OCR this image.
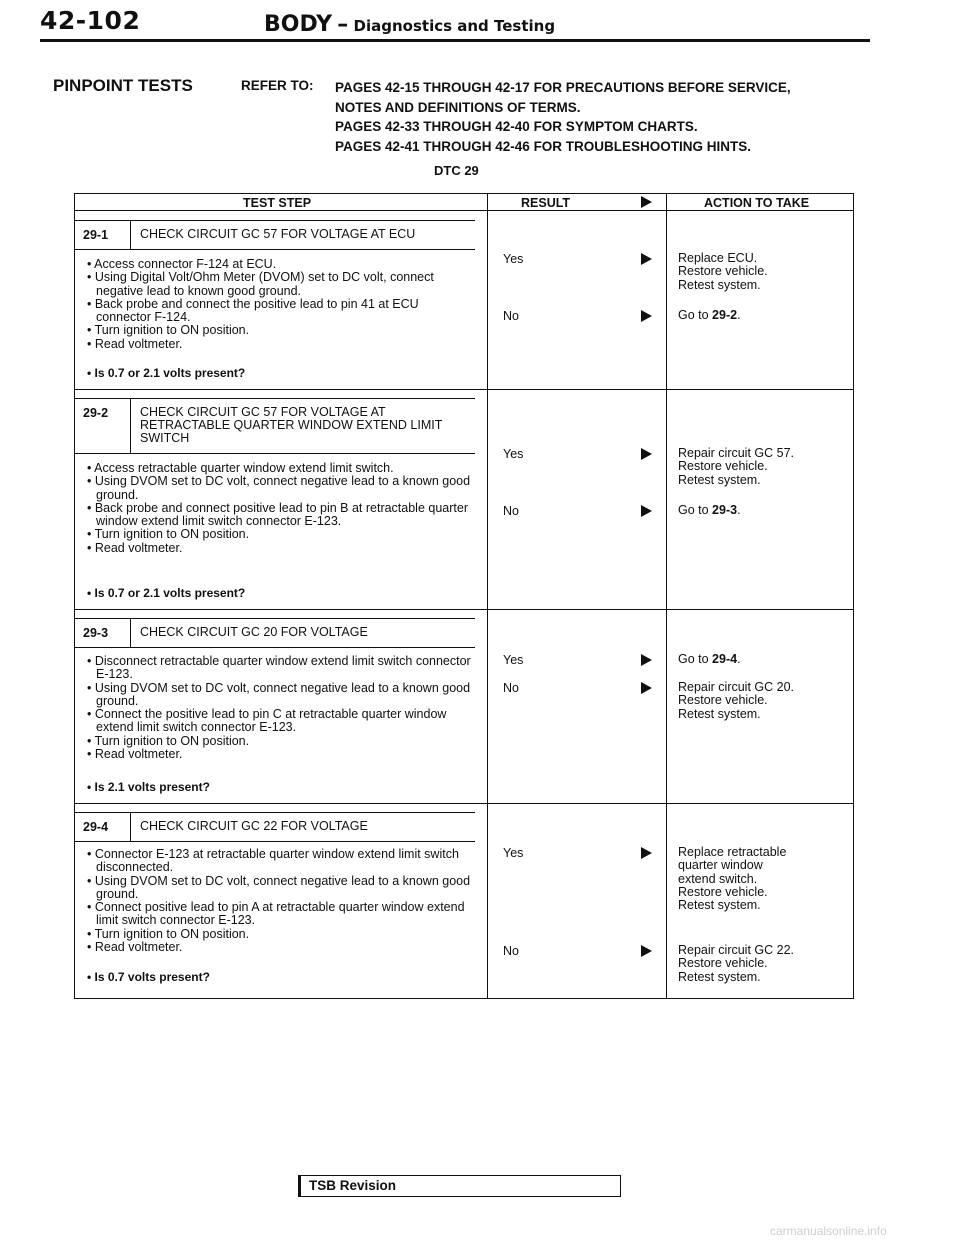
42-102	BODY – Diagnostics and Testing
PINPOINT TESTS	REFER TO: PAGES 42-15 THROUGH 42-17 FOR PRECAUTIONS BEFORE SERVICE,
NOTES AND DEFINITIONS OF TERMS.
PAGES 42-33 THROUGH 42-40 FOR SYMPTOM CHARTS.
PAGES 42-41 THROUGH 42-46 FOR TROUBLESHOOTING HINTS.
DTC 29
TEST STEP	RESULT	ACTION TO TAKE
29-1	CHECK CIRCUIT GC 57 FOR VOLTAGE AT ECU

• Access connector F-124 at ECU.

• Using Digital Volt/Ohm Meter (DVOM) set to DC volt, connect negative lead to known good ground.

• Back probe and connect the positive lead to pin 41 at ECU connector F-124.

• Turn ignition to ON position.

• Read voltmeter.

• Is 0.7 or 2.1 volts present?
Yes	Replace ECU.
Restore vehicle.
Retest system.
No	Go to 29-2.
29-2	CHECK CIRCUIT GC 57 FOR VOLTAGE AT RETRACTABLE QUARTER WINDOW EXTEND LIMIT SWITCH

• Access retractable quarter window extend limit switch.

• Using DVOM set to DC volt, connect negative lead to a known good ground.

• Back probe and connect positive lead to pin B at retractable quarter window extend limit switch connector E-123.

• Turn ignition to ON position.

• Read voltmeter.

• Is 0.7 or 2.1 volts present?
Yes	Repair circuit GC 57.
Restore vehicle.
Retest system.
No	Go to 29-3.
29-3	CHECK CIRCUIT GC 20 FOR VOLTAGE

• Disconnect retractable quarter window extend limit switch connector E-123.

• Using DVOM set to DC volt, connect negative lead to a known good ground.

• Connect the positive lead to pin C at retractable quarter window extend limit switch connector E-123.

• Turn ignition to ON position.

• Read voltmeter.

• Is 2.1 volts present?
Yes	Go to 29-4.
No	Repair circuit GC 20.
Restore vehicle.
Retest system.
29-4	CHECK CIRCUIT GC 22 FOR VOLTAGE

• Connector E-123 at retractable quarter window extend limit switch disconnected.

• Using DVOM set to DC volt, connect negative lead to a known good ground.

• Connect positive lead to pin A at retractable quarter window extend limit switch connector E-123.

• Turn ignition to ON position.

• Read voltmeter.

• Is 0.7 volts present?
Yes	Replace retractable
quarter window
extend switch.
Restore vehicle.
Retest system.
No	Repair circuit GC 22.
Restore vehicle.
Retest system.
TSB Revision
carmanualsonline.info
